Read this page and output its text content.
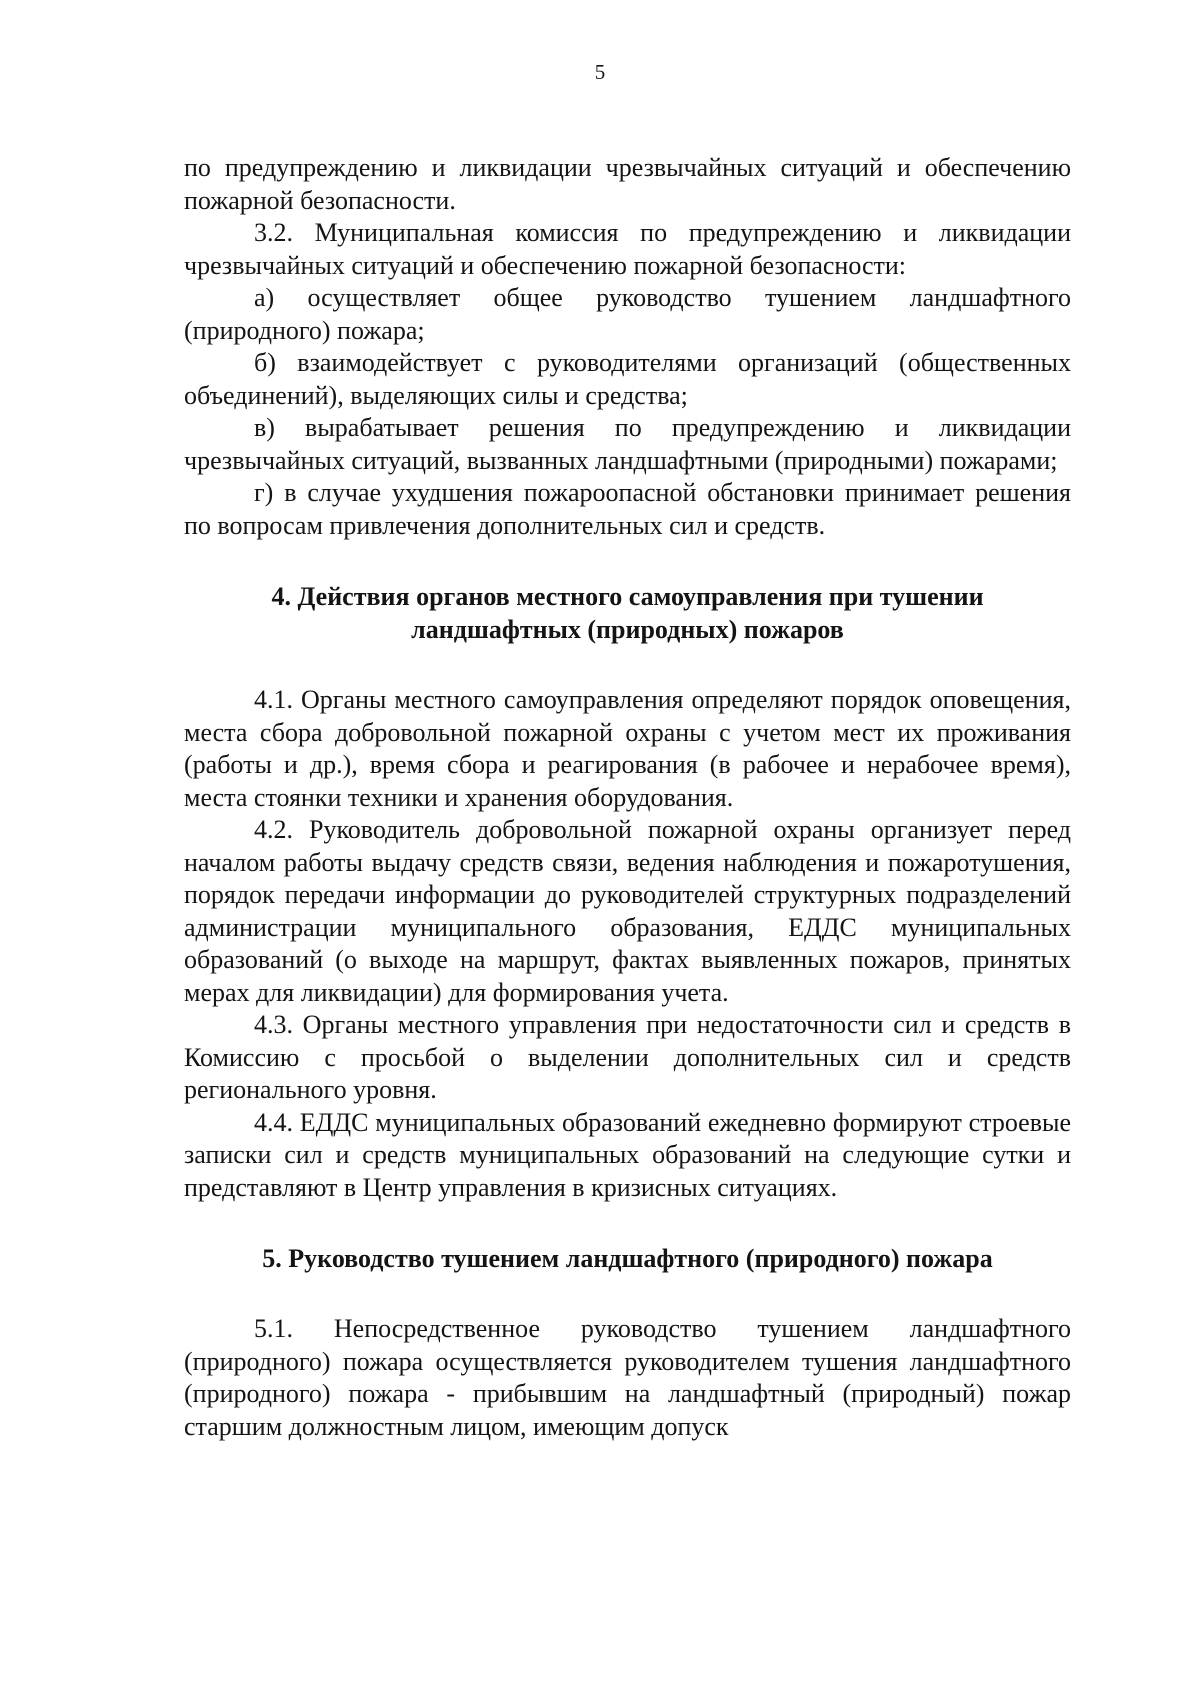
5

по предупреждению и ликвидации чрезвычайных ситуаций и обеспечению пожарной безопасности.

3.2. Муниципальная комиссия по предупреждению и ликвидации чрезвычайных ситуаций и обеспечению пожарной безопасности:

а) осуществляет общее руководство тушением ландшафтного (природного) пожара;

б) взаимодействует с руководителями организаций (общественных объединений), выделяющих силы и средства;

в) вырабатывает решения по предупреждению и ликвидации чрезвычайных ситуаций, вызванных ландшафтными (природными) пожарами;

г) в случае ухудшения пожароопасной обстановки принимает решения по вопросам привлечения дополнительных сил и средств.

4. Действия органов местного самоуправления при тушении
ландшафтных (природных) пожаров

4.1. Органы местного самоуправления определяют порядок оповещения, места сбора добровольной пожарной охраны с учетом мест их проживания (работы и др.), время сбора и реагирования (в рабочее и нерабочее время), места стоянки техники и хранения оборудования.

4.2. Руководитель добровольной пожарной охраны организует перед началом работы выдачу средств связи, ведения наблюдения и пожаротушения, порядок передачи информации до руководителей структурных подразделений администрации муниципального образования, ЕДДС муниципальных образований (о выходе на маршрут, фактах выявленных пожаров, принятых мерах для ликвидации) для формирования учета.

4.3. Органы местного управления при недостаточности сил и средств в Комиссию с просьбой о выделении дополнительных сил и средств регионального уровня.

4.4. ЕДДС муниципальных образований ежедневно формируют строевые записки сил и средств муниципальных образований на следующие сутки и представляют в Центр управления в кризисных ситуациях.

5. Руководство тушением ландшафтного (природного) пожара

5.1. Непосредственное руководство тушением ландшафтного (природного) пожара осуществляется руководителем тушения ландшафтного (природного) пожара - прибывшим на ландшафтный (природный) пожар старшим должностным лицом, имеющим допуск
